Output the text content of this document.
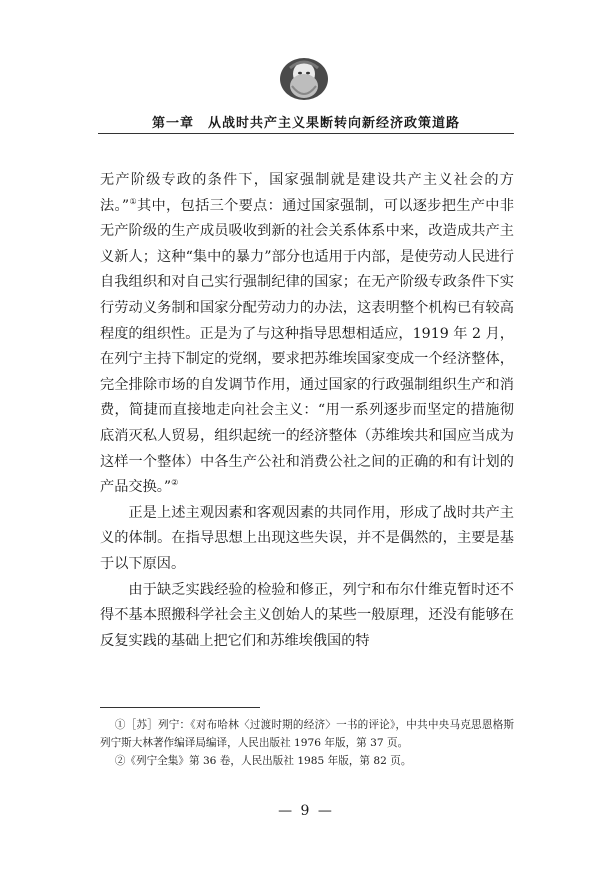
第一章　从战时共产主义果断转向新经济政策道路

无产阶级专政的条件下，国家强制就是建设共产主义社会的方法。”①其中，包括三个要点：通过国家强制，可以逐步把生产中非无产阶级的生产成员吸收到新的社会关系体系中来，改造成共产主义新人；这种“集中的暴力”部分也适用于内部，是使劳动人民进行自我组织和对自己实行强制纪律的国家；在无产阶级专政条件下实行劳动义务制和国家分配劳动力的办法，这表明整个机构已有较高程度的组织性。正是为了与这种指导思想相适应，1919 年 2 月，在列宁主持下制定的党纲，要求把苏维埃国家变成一个经济整体，完全排除市场的自发调节作用，通过国家的行政强制组织生产和消费，简捷而直接地走向社会主义：“用一系列逐步而坚定的措施彻底消灭私人贸易，组织起统一的经济整体（苏维埃共和国应当成为这样一个整体）中各生产公社和消费公社之间的正确的和有计划的产品交换。”②

正是上述主观因素和客观因素的共同作用，形成了战时共产主义的体制。在指导思想上出现这些失误，并不是偶然的，主要是基于以下原因。

由于缺乏实践经验的检验和修正，列宁和布尔什维克暂时还不得不基本照搬科学社会主义创始人的某些一般原理，还没有能够在反复实践的基础上把它们和苏维埃俄国的特

①［苏］列宁：《对布哈林〈过渡时期的经济〉一书的评论》，中共中央马克思恩格斯列宁斯大林著作编译局编译，人民出版社 1976 年版，第 37 页。

②《列宁全集》第 36 卷，人民出版社 1985 年版，第 82 页。

— 9 —
